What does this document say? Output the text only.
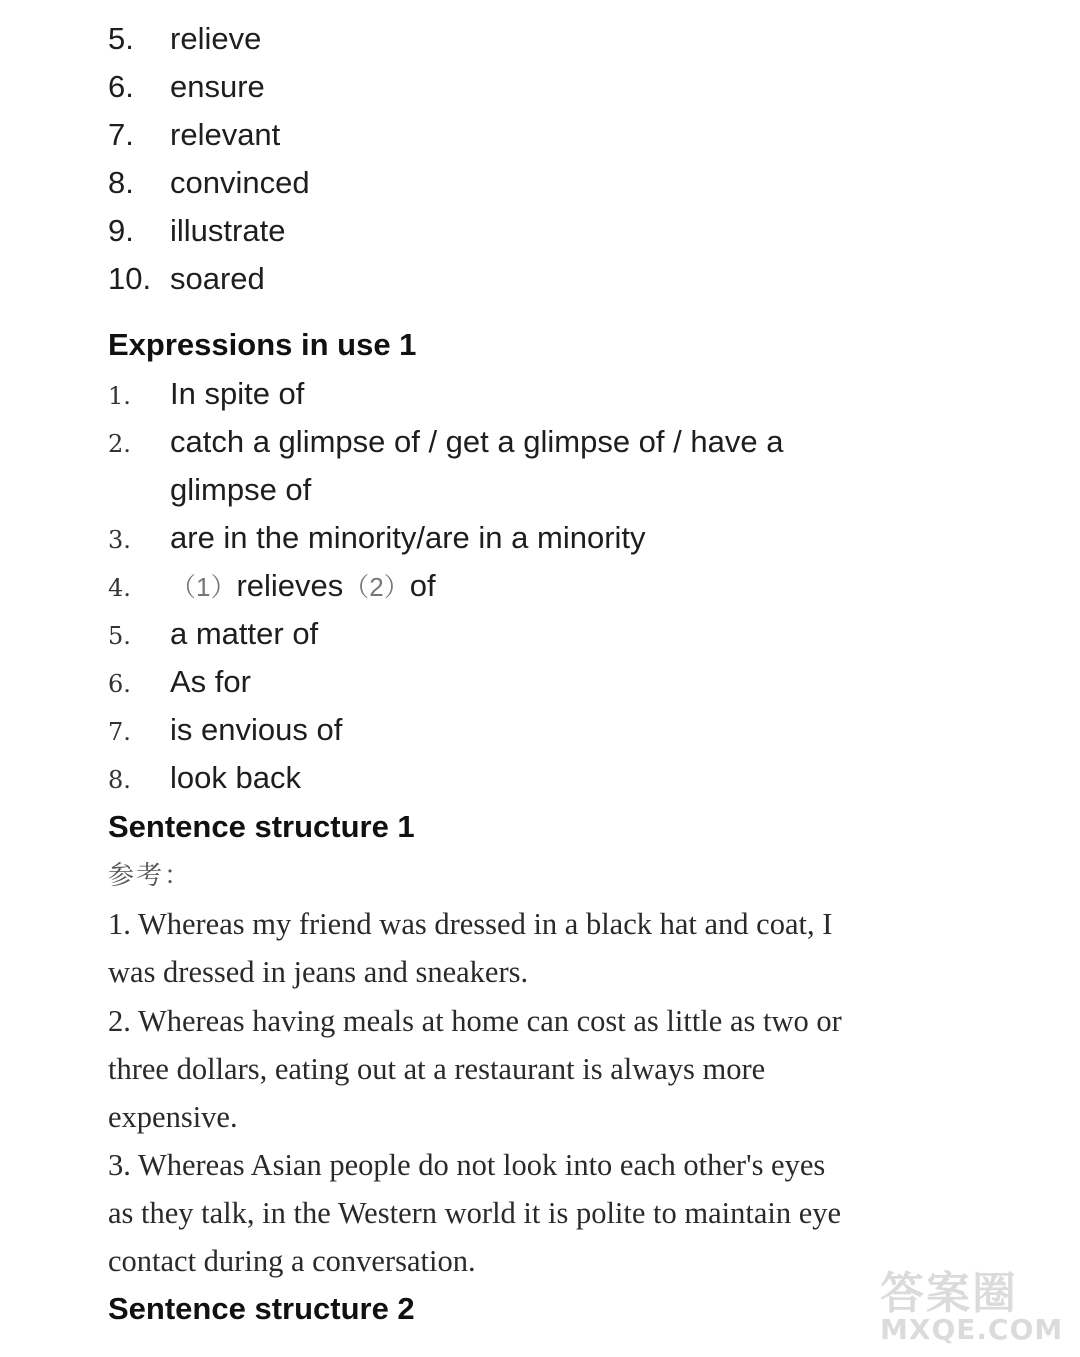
5. relieve
6. ensure
7. relevant
8. convinced
9. illustrate
10. soared
Expressions in use 1
1. In spite of
2. catch a glimpse of / get a glimpse of / have a
glimpse of
3. are in the minority/are in a minority
4. （1）relieves（2）of
5. a matter of
6. As for
7. is envious of
8. look back
Sentence structure 1
参考：
1. Whereas my friend was dressed in a black hat and coat, I
was dressed in jeans and sneakers.
2. Whereas having meals at home can cost as little as two or
three dollars, eating out at a restaurant is always more
expensive.
3. Whereas Asian people do not look into each other's eyes
as they talk, in the Western world it is polite to maintain eye
contact during a conversation.
Sentence structure 2	答案圈
MXQE.COM
